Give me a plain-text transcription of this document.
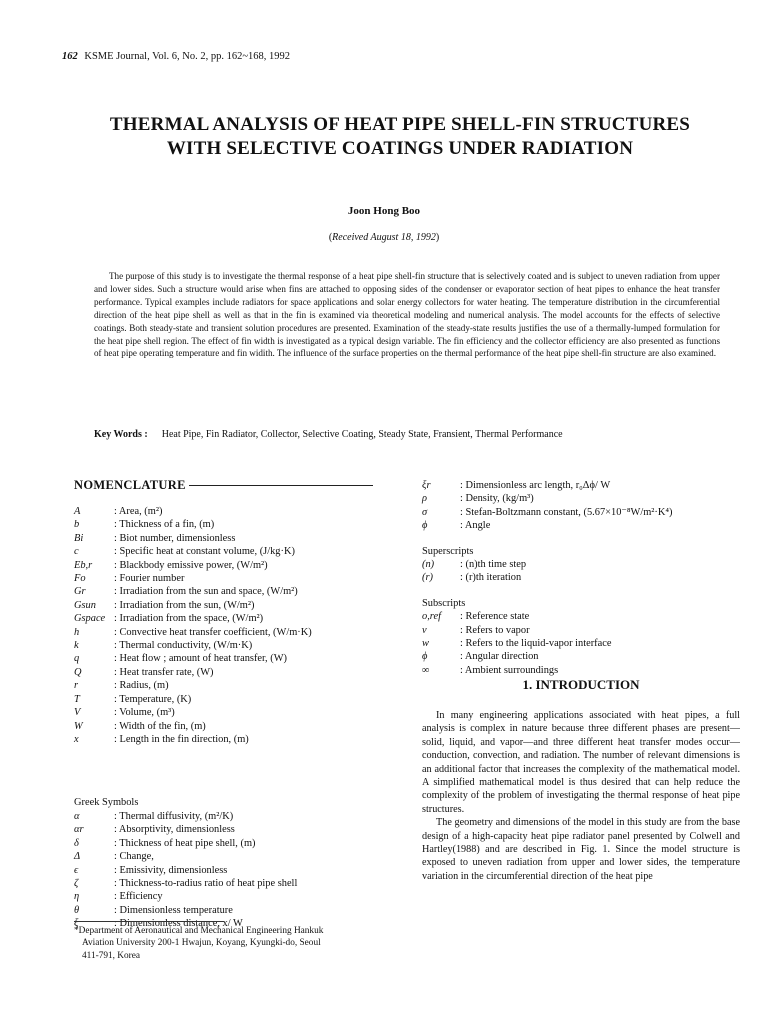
162 KSME Journal, Vol. 6, No. 2, pp. 162~168, 1992
THERMAL ANALYSIS OF HEAT PIPE SHELL-FIN STRUCTURES
WITH SELECTIVE COATINGS UNDER RADIATION
Joon Hong Boo
(Received August 18, 1992)
The purpose of this study is to investigate the thermal response of a heat pipe shell-fin structure that is selectively coated and is subject to uneven radiation from upper and lower sides. Such a structure would arise when fins are attached to opposing sides of the condenser or evaporator section of heat pipes to enhance the heat transfer performance. Typical examples include radiators for space applications and solar energy collectors for water heating. The temperature distribution in the circumferential direction of the heat pipe shell as well as that in the fin is examined via theoretical modeling and numerical analysis. The model accounts for the effects of selective coatings. Both steady-state and transient solution procedures are presented. Examination of the steady-state results justifies the use of a thermally-lumped formulation for the heat pipe shell region. The effect of fin width is investigated as a typical design variable. The fin efficiency and the collector efficiency are also presented as functions of heat pipe operating temperature and fin widith. The influence of the surface properties on the thermal performance of the heat pipe shell-fin structure are also examined.
Key Words : Heat Pipe, Fin Radiator, Collector, Selective Coating, Steady State, Fransient, Thermal Performance
NOMENCLATURE
A	: Area, (m²)
b	: Thickness of a fin, (m)
Bi	: Biot number, dimensionless
c	: Specific heat at constant volume, (J/kg·K)
Eb,r	: Blackbody emissive power, (W/m²)
Fo	: Fourier number
Gr	: Irradiation from the sun and space, (W/m²)
Gsun	: Irradiation from the sun, (W/m²)
Gspace : Irradiation from the space, (W/m²)
h	: Convective heat transfer coefficient, (W/m·K)
k	: Thermal conductivity, (W/m·K)
q	: Heat flow ; amount of heat transfer, (W)
Q	: Heat transfer rate, (W)
r	: Radius, (m)
T	: Temperature, (K)
V	: Volume, (m³)
W	: Width of the fin, (m)
x	: Length in the fin direction, (m)
Greek Symbols
α	: Thermal diffusivity, (m²/K)
αr	: Absorptivity, dimensionless
δ	: Thickness of heat pipe shell, (m)
Δ	: Change,
ϵ	: Emissivity, dimensionless
ζ	: Thickness-to-radius ratio of heat pipe shell
η	: Efficiency
θ	: Dimensionless temperature
ξ	: Dimensionless distance, x/ W
ξr	: Dimensionless arc length, r₀Δϕ/ W
ρ	: Density, (kg/m³)
σ	: Stefan-Boltzmann constant, (5.67×10⁻⁸W/m²·K⁴)
ϕ	: Angle
Superscripts
(n)	: (n)th time step
(r)	: (r)th iteration
Subscripts
o,ref	: Reference state
v	: Refers to vapor
w	: Refers to the liquid-vapor interface
ϕ	: Angular direction
∞	: Ambient surroundings
1. INTRODUCTION

In many engineering applications associated with heat pipes, a full analysis is complex in nature because three different phases are present—solid, liquid, and vapor—and three different heat transfer modes occur—conduction, convection, and radiation. The number of relevant dimensions is an additional factor that increases the complexity of the mathematical model. A simplified mathematical model is thus desired that can help reduce the complexity of the problem of investigating the thermal response of heat pipe structures.

The geometry and dimensions of the model in this study are from the base design of a high-capacity heat pipe radiator panel presented by Colwell and Hartley(1988) and are described in Fig. 1. Since the model structure is exposed to uneven radiation from upper and lower sides, the temperature variation in the circumferential direction of the heat pipe

*Department of Aeronautical and Mechanical Engineering Hankuk
Aviation University 200-1 Hwajun, Koyang, Kyungki-do, Seoul
411-791, Korea
